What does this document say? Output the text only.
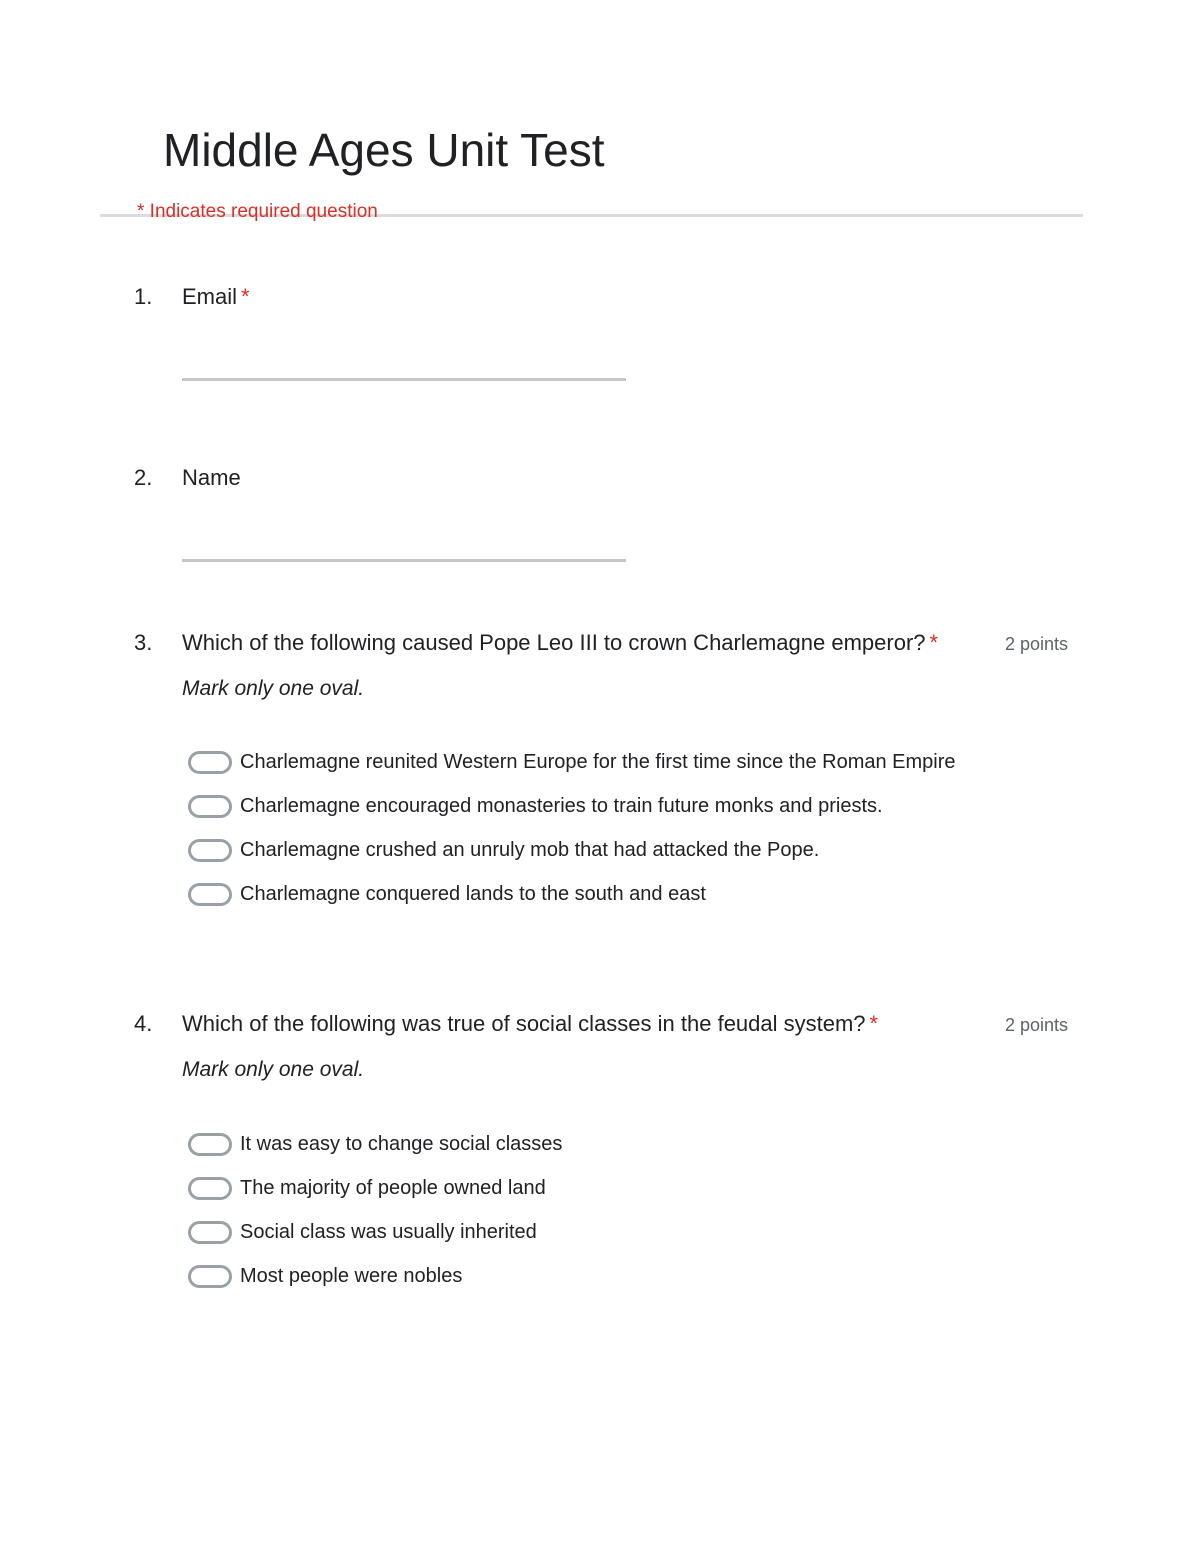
Middle Ages Unit Test
* Indicates required question
1. Email *
2. Name
3. Which of the following caused Pope Leo III to crown Charlemagne emperor? *	2 points
Mark only one oval.
Charlemagne reunited Western Europe for the first time since the Roman Empire
Charlemagne encouraged monasteries to train future monks and priests.
Charlemagne crushed an unruly mob that had attacked the Pope.
Charlemagne conquered lands to the south and east
4. Which of the following was true of social classes in the feudal system? *	2 points
Mark only one oval.
It was easy to change social classes
The majority of people owned land
Social class was usually inherited
Most people were nobles
